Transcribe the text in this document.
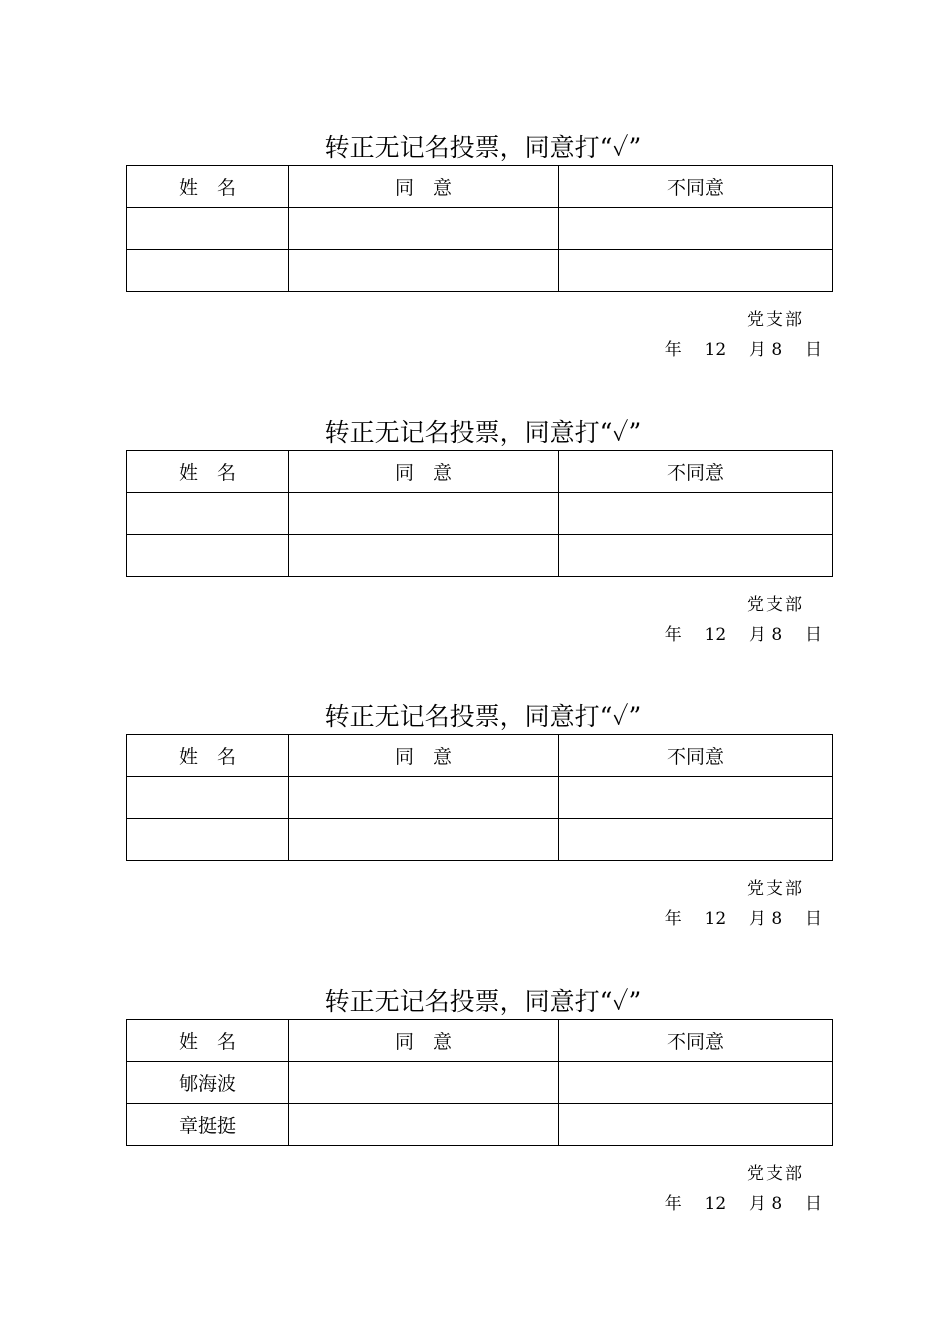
转正无记名投票，同意打“✓”
姓　名	同　意	不同意

党支部
年 12 月 8 日
转正无记名投票，同意打“✓”
姓　名	同　意	不同意

党支部
年 12 月 8 日
转正无记名投票，同意打“✓”
姓　名	同　意	不同意

党支部
年 12 月 8 日
转正无记名投票，同意打“✓”
姓　名	同　意	不同意
郇海波		
章挺挺		
党支部
年 12 月 8 日
